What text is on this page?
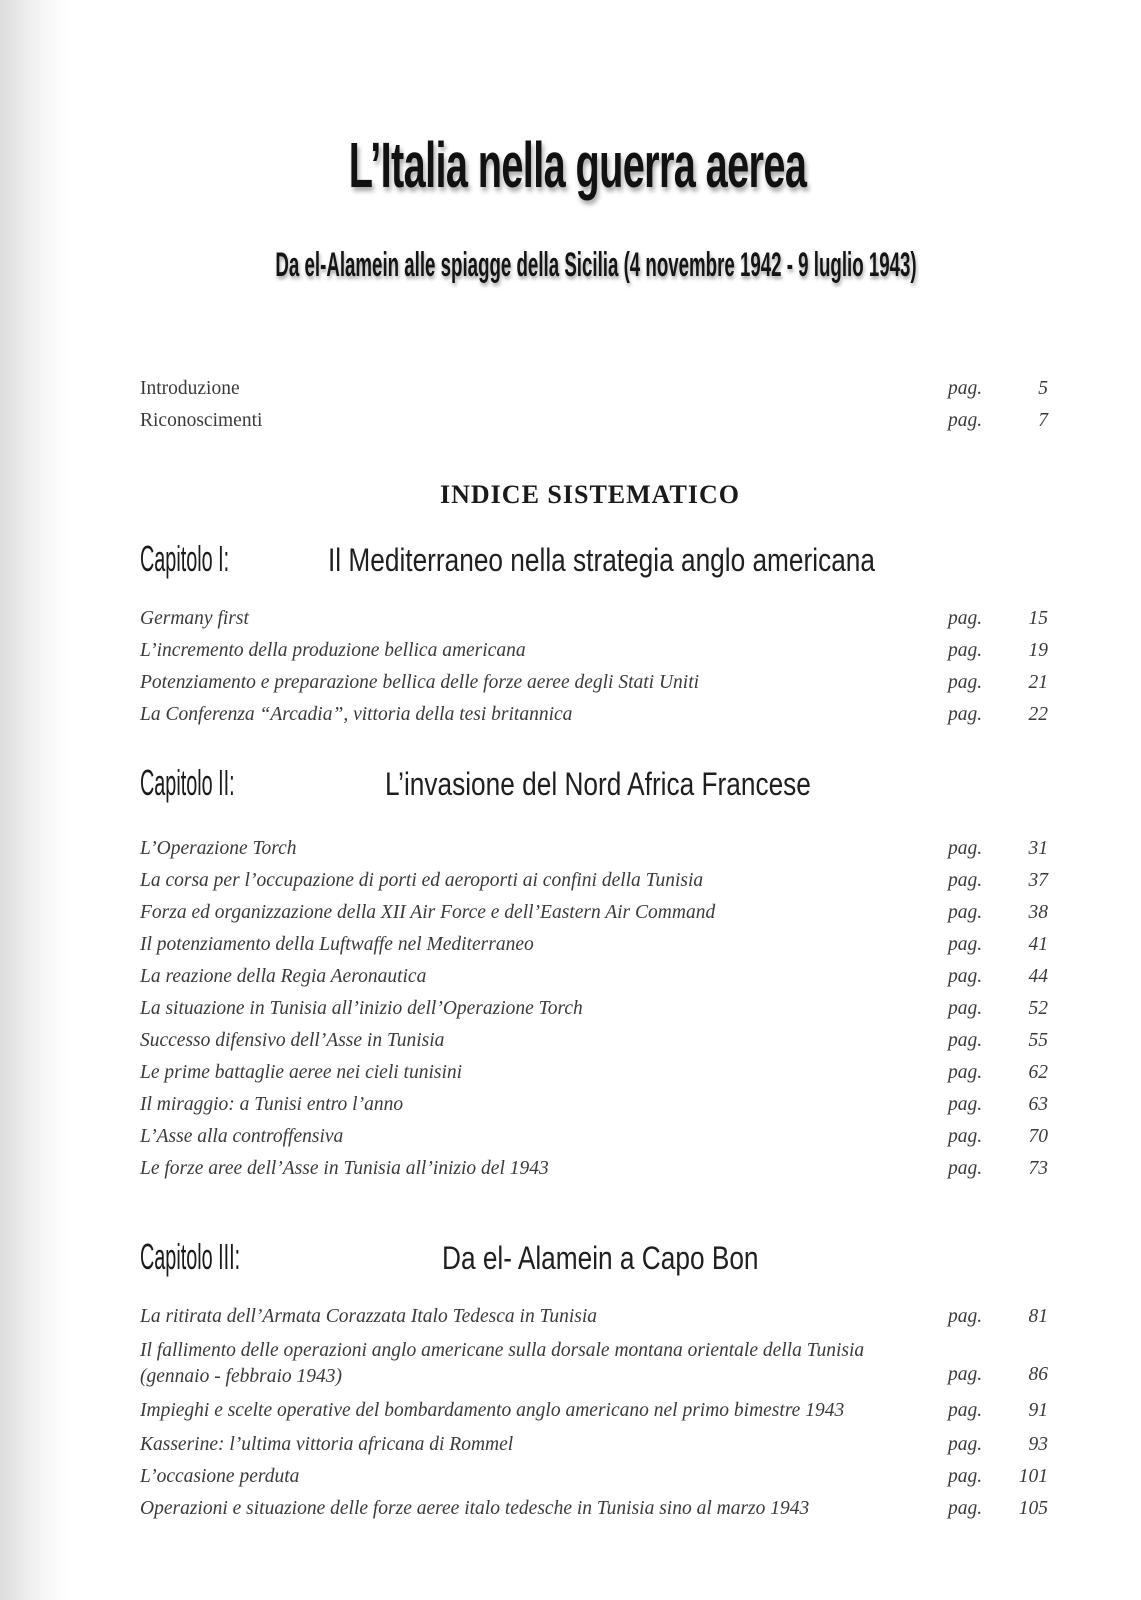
L’Italia nella guerra aerea
Da el-Alamein alle spiagge della Sicilia (4 novembre 1942 - 9 luglio 1943)
Introduzione	pag.	5
Riconoscimenti	pag.	7
INDICE SISTEMATICO
Capitolo I:	Il Mediterraneo nella strategia anglo americana
Germany first	pag. 15
L’incremento della produzione bellica americana	pag. 19
Potenziamento e preparazione bellica delle forze aeree degli Stati Uniti	pag. 21
La Conferenza “Arcadia”, vittoria della tesi britannica	pag. 22
Capitolo II:	L’invasione del Nord Africa Francese
L’Operazione Torch	pag. 31
La corsa per l’occupazione di porti ed aeroporti ai confini della Tunisia	pag. 37
Forza ed organizzazione della XII Air Force e dell’Eastern Air Command	pag. 38
Il potenziamento della Luftwaffe nel Mediterraneo	pag. 41
La reazione della Regia Aeronautica	pag. 44
La situazione in Tunisia all’inizio dell’Operazione Torch	pag. 52
Successo difensivo dell’Asse in Tunisia	pag. 55
Le prime battaglie aeree nei cieli tunisini	pag. 62
Il miraggio: a Tunisi entro l’anno	pag. 63
L’Asse alla controffensiva	pag. 70
Le forze aree dell’Asse in Tunisia all’inizio del 1943	pag. 73
Capitolo III:	Da el- Alamein a Capo Bon
La ritirata dell’Armata Corazzata Italo Tedesca in Tunisia	pag. 81
Il fallimento delle operazioni anglo americane sulla dorsale montana orientale della Tunisia (gennaio - febbraio 1943)	pag. 86
Impieghi e scelte operative del bombardamento anglo americano nel primo bimestre 1943	pag. 91
Kasserine: l’ultima vittoria africana di Rommel	pag. 93
L’occasione perduta	pag. 101
Operazioni e situazione delle forze aeree italo tedesche in Tunisia sino al marzo 1943	pag. 105
